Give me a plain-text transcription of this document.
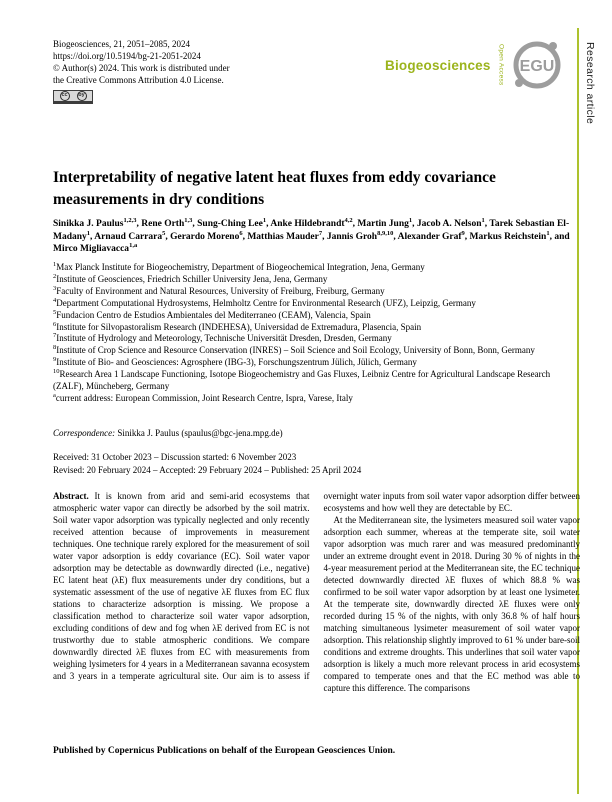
Research article
Biogeosciences, 21, 2051–2085, 2024
https://doi.org/10.5194/bg-21-2051-2024
© Author(s) 2024. This work is distributed under
the Creative Commons Attribution 4.0 License.
cc	by
Biogeosciences Open Access EGU
Interpretability of negative latent heat fluxes from eddy covariance measurements in dry conditions

Sinikka J. Paulus$^{1,2,3}$, Rene Orth$^{1,3}$, Sung-Ching Lee$^1$, Anke Hildebrandt$^{4,2}$, Martin Jung$^1$, Jacob A. Nelson$^1$, Tarek Sebastian El-Madany$^1$, Arnaud Carrara$^5$, Gerardo Moreno$^6$, Matthias Mauder$^7$, Jannis Groh$^{8,9,10}$, Alexander Graf$^9$, Markus Reichstein$^1$, and Mirco Migliavacca$^{1,a}$

$^1$Max Planck Institute for Biogeochemistry, Department of Biogeochemical Integration, Jena, Germany
$^2$Institute of Geosciences, Friedrich Schiller University Jena, Jena, Germany
$^3$Faculty of Environment and Natural Resources, University of Freiburg, Freiburg, Germany
$^4$Department Computational Hydrosystems, Helmholtz Centre for Environmental Research (UFZ), Leipzig, Germany
$^5$Fundacion Centro de Estudios Ambientales del Mediterraneo (CEAM), Valencia, Spain
$^6$Institute for Silvopastoralism Research (INDEHESA), Universidad de Extremadura, Plasencia, Spain
$^7$Institute of Hydrology and Meteorology, Technische Universität Dresden, Dresden, Germany
$^8$Institute of Crop Science and Resource Conservation (INRES) – Soil Science and Soil Ecology, University of Bonn, Bonn, Germany
$^9$Institute of Bio- and Geosciences: Agrosphere (IBG-3), Forschungszentrum Jülich, Jülich, Germany
$^{10}$Research Area 1 Landscape Functioning, Isotope Biogeochemistry and Gas Fluxes, Leibniz Centre for Agricultural Landscape Research (ZALF), Müncheberg, Germany
$^a$current address: European Commission, Joint Research Centre, Ispra, Varese, Italy

Correspondence: Sinikka J. Paulus (spaulus@bgc-jena.mpg.de)

Received: 31 October 2023 – Discussion started: 6 November 2023

Revised: 20 February 2024 – Accepted: 29 February 2024 – Published: 25 April 2024

Abstract. It is known from arid and semi-arid ecosystems that atmospheric water vapor can directly be adsorbed by the soil matrix. Soil water vapor adsorption was typically neglected and only recently received attention because of improvements in measurement techniques. One technique rarely explored for the measurement of soil water vapor adsorption is eddy covariance (EC). Soil water vapor adsorption may be detectable as downwardly directed (i.e., negative) EC latent heat (λE) flux measurements under dry conditions, but a systematic assessment of the use of negative λE fluxes from EC flux stations to characterize adsorption is missing. We propose a classification method to characterize soil water vapor adsorption, excluding conditions of dew and fog when λE derived from EC is not trustworthy due to stable atmospheric conditions. We compare downwardly directed λE fluxes from EC with measurements from weighing lysimeters for 4 years in a Mediterranean savanna ecosystem and 3 years in a temperate agricultural site. Our aim is to assess if overnight water inputs from soil water vapor adsorption differ between ecosystems and how well they are detectable by EC.

At the Mediterranean site, the lysimeters measured soil water vapor adsorption each summer, whereas at the temperate site, soil water vapor adsorption was much rarer and was measured predominantly under an extreme drought event in 2018. During 30 % of nights in the 4-year measurement period at the Mediterranean site, the EC technique detected downwardly directed λE fluxes of which 88.8 % was confirmed to be soil water vapor adsorption by at least one lysimeter. At the temperate site, downwardly directed λE fluxes were only recorded during 15 % of the nights, with only 36.8 % of half hours matching simultaneous lysimeter measurement of soil water vapor adsorption. This relationship slightly improved to 61 % under bare-soil conditions and extreme droughts. This underlines that soil water vapor adsorption is likely a much more relevant process in arid ecosystems compared to temperate ones and that the EC method was able to capture this difference. The comparisons

Published by Copernicus Publications on behalf of the European Geosciences Union.
